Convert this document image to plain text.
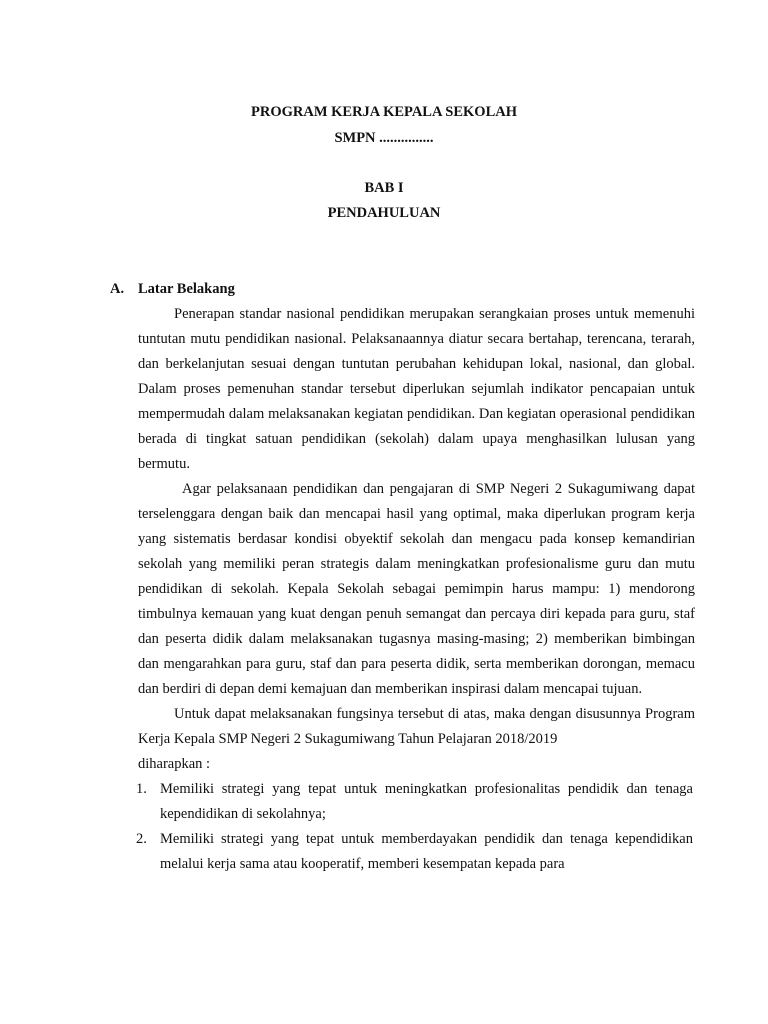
PROGRAM KERJA KEPALA SEKOLAH
SMPN ...............
BAB I
PENDAHULUAN
A. Latar Belakang

Penerapan standar nasional pendidikan merupakan serangkaian proses untuk memenuhi tuntutan mutu pendidikan nasional. Pelaksanaannya diatur secara bertahap, terencana, terarah, dan berkelanjutan sesuai dengan tuntutan perubahan kehidupan lokal, nasional, dan global. Dalam proses pemenuhan standar tersebut diperlukan sejumlah indikator pencapaian untuk mempermudah dalam melaksanakan kegiatan pendidikan. Dan kegiatan operasional pendidikan berada di tingkat satuan pendidikan (sekolah) dalam upaya menghasilkan lulusan yang bermutu.

Agar pelaksanaan pendidikan dan pengajaran di SMP Negeri 2 Sukagumiwang dapat terselenggara dengan baik dan mencapai hasil yang optimal, maka diperlukan program kerja yang sistematis berdasar kondisi obyektif sekolah dan mengacu pada konsep kemandirian sekolah yang memiliki peran strategis dalam meningkatkan profesionalisme guru dan mutu pendidikan di sekolah. Kepala Sekolah sebagai pemimpin harus mampu: 1) mendorong timbulnya kemauan yang kuat dengan penuh semangat dan percaya diri kepada para guru, staf dan peserta didik dalam melaksanakan tugasnya masing-masing; 2) memberikan bimbingan dan mengarahkan para guru, staf dan para peserta didik, serta memberikan dorongan, memacu dan berdiri di depan demi kemajuan dan memberikan inspirasi dalam mencapai tujuan.

Untuk dapat melaksanakan fungsinya tersebut di atas, maka dengan disusunnya Program Kerja Kepala SMP Negeri 2 Sukagumiwang Tahun Pelajaran 2018/2019

diharapkan :

1. Memiliki strategi yang tepat untuk meningkatkan profesionalitas pendidik dan tenaga kependidikan di sekolahnya;
2. Memiliki strategi yang tepat untuk memberdayakan pendidik dan tenaga kependidikan melalui kerja sama atau kooperatif, memberi kesempatan kepada para
